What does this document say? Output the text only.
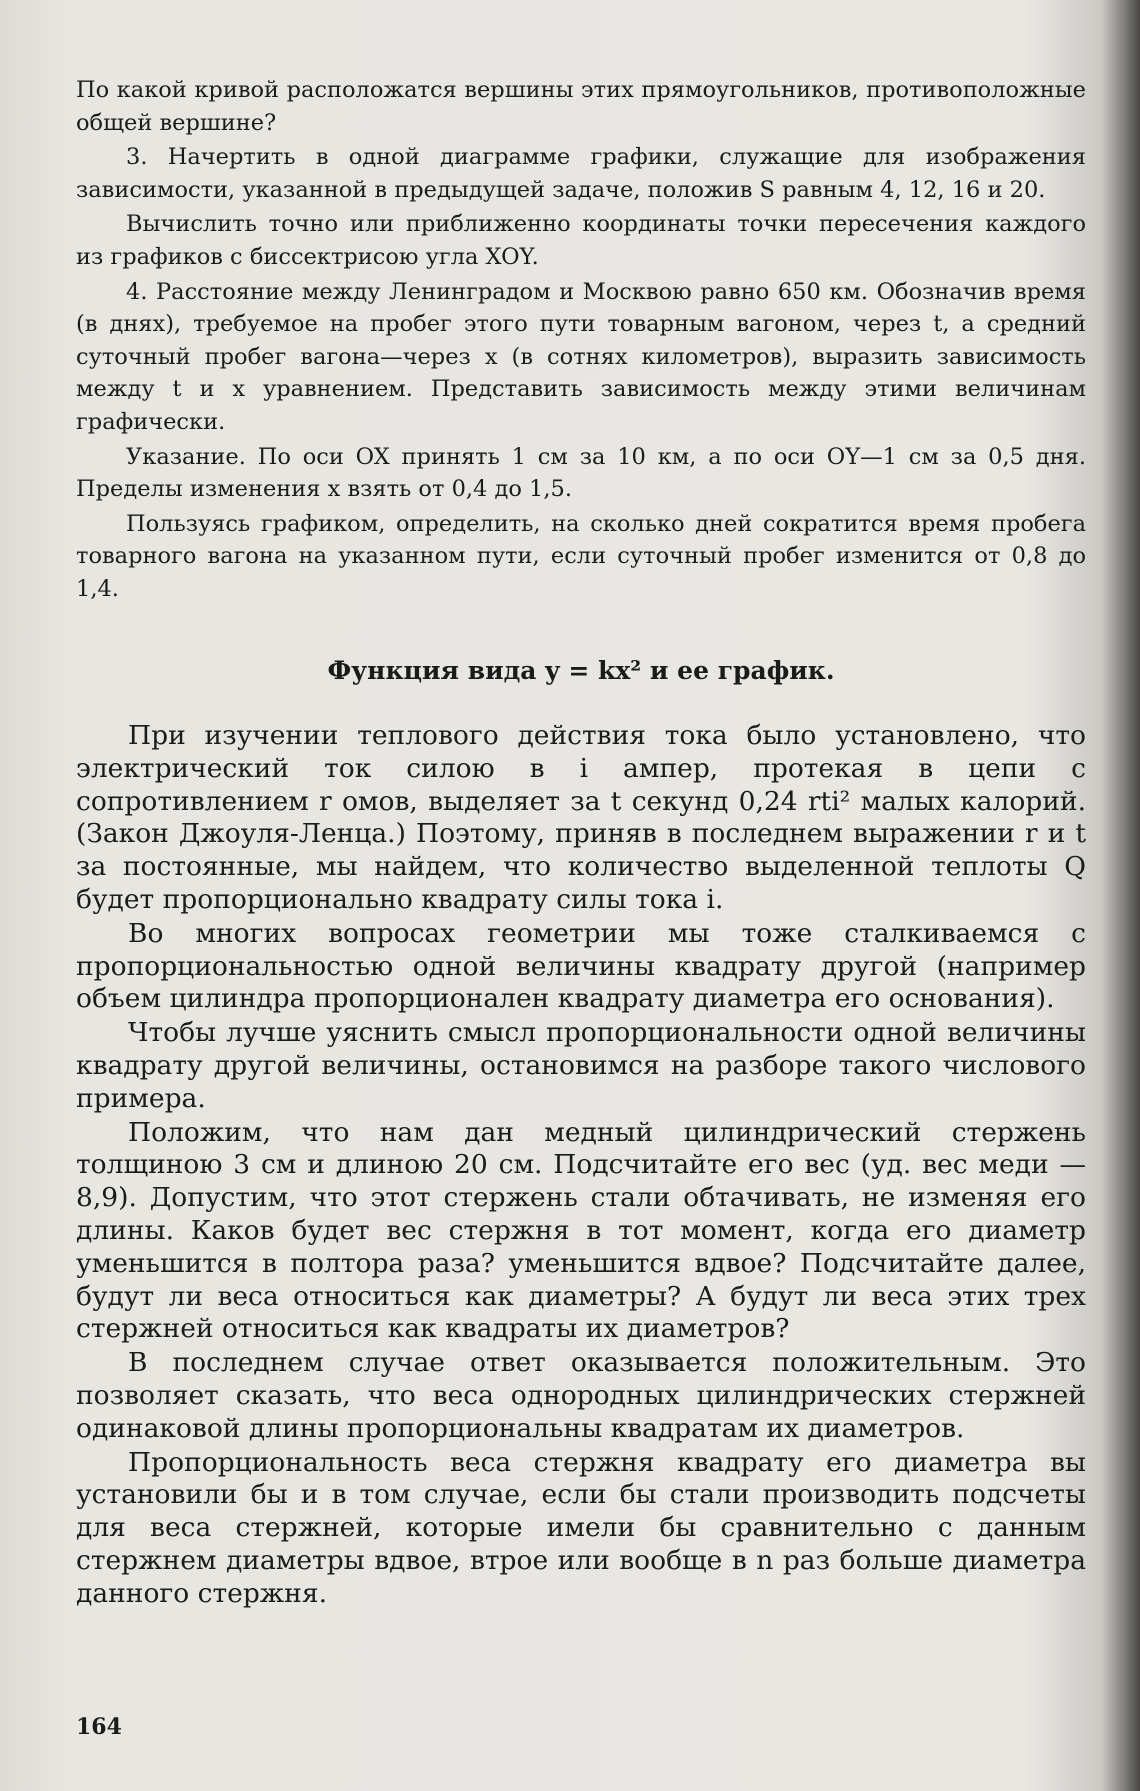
По какой кривой расположатся вершины этих прямоугольников, противоположные общей вершине?

3. Начертить в одной диаграмме графики, служащие для изображения зависимости, указанной в предыдущей задаче, положив S равным 4, 12, 16 и 20.

Вычислить точно или приближенно координаты точки пересечения каждого из графиков с биссектрисою угла XOY.

4. Расстояние между Ленинградом и Москвою равно 650 км. Обозначив время (в днях), требуемое на пробег этого пути товарным вагоном, через t, а средний суточный пробег вагона—через x (в сотнях километров), выразить зависимость между t и x уравнением. Представить зависимость между этими величинам графически.

Указание. По оси OX принять 1 см за 10 км, а по оси OY—1 см за 0,5 дня. Пределы изменения x взять от 0,4 до 1,5.

Пользуясь графиком, определить, на сколько дней сократится время пробега товарного вагона на указанном пути, если суточный пробег изменится от 0,8 до 1,4.

Функция вида y = kx² и ее график.

При изучении теплового действия тока было установлено, что электрический ток силою в i ампер, протекая в цепи с сопротивлением r омов, выделяет за t секунд 0,24 rti² малых калорий. (Закон Джоуля-Ленца.) Поэтому, приняв в последнем выражении r и t за постоянные, мы найдем, что количество выделенной теплоты Q будет пропорционально квадрату силы тока i.

Во многих вопросах геометрии мы тоже сталкиваемся с пропорциональностью одной величины квадрату другой (например объем цилиндра пропорционален квадрату диаметра его основания).

Чтобы лучше уяснить смысл пропорциональности одной величины квадрату другой величины, остановимся на разборе такого числового примера.

Положим, что нам дан медный цилиндрический стержень толщиною 3 см и длиною 20 см. Подсчитайте его вес (уд. вес меди — 8,9). Допустим, что этот стержень стали обтачивать, не изменяя его длины. Каков будет вес стержня в тот момент, когда его диаметр уменьшится в полтора раза? уменьшится вдвое? Подсчитайте далее, будут ли веса относиться как диаметры? А будут ли веса этих трех стержней относиться как квадраты их диаметров?

В последнем случае ответ оказывается положительным. Это позволяет сказать, что веса однородных цилиндрических стержней одинаковой длины пропорциональны квадратам их диаметров.

Пропорциональность веса стержня квадрату его диаметра вы установили бы и в том случае, если бы стали производить подсчеты для веса стержней, которые имели бы сравнительно с данным стержнем диаметры вдвое, втрое или вообще в n раз больше диаметра данного стержня.

164
